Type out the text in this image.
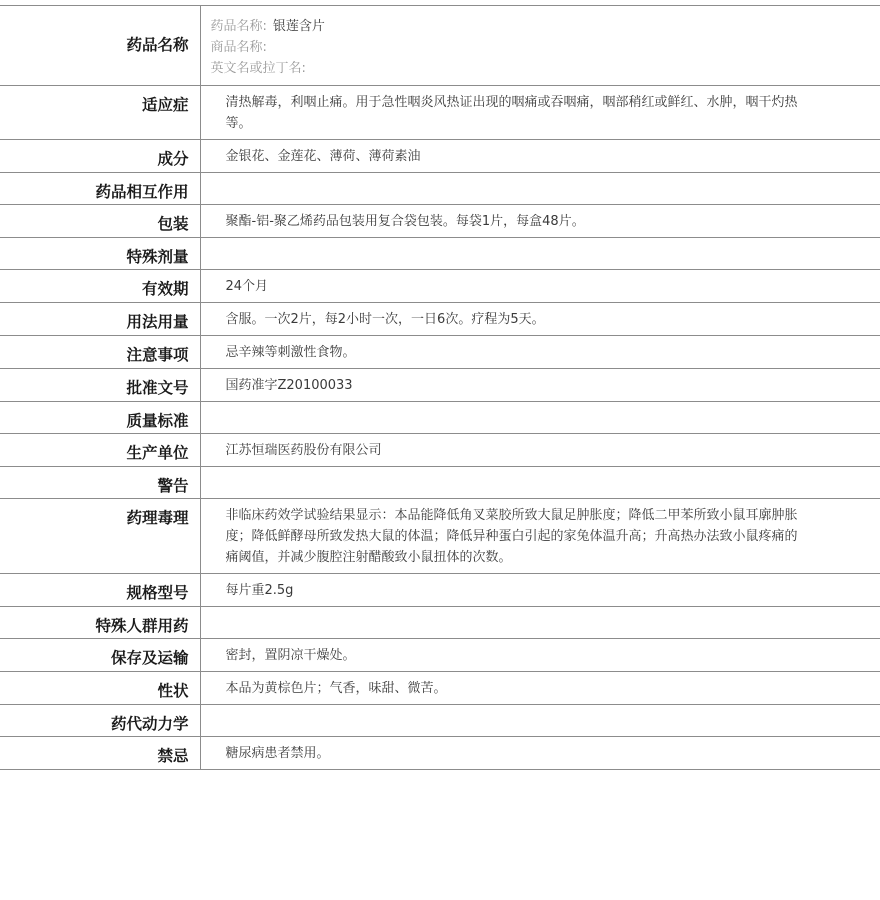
药品名称	药品名称: 银莲含片
商品名称:
英文名或拉丁名:

适应症	清热解毒，利咽止痛。用于急性咽炎风热证出现的咽痛或吞咽痛，咽部稍红或鲜红、水肿，咽干灼热等。
成分	金银花、金莲花、薄荷、薄荷素油
药品相互作用	
包装	聚酯-铝-聚乙烯药品包装用复合袋包装。每袋1片，每盒48片。
特殊剂量	
有效期	24个月
用法用量	含服。一次2片，每2小时一次，一日6次。疗程为5天。
注意事项	忌辛辣等刺激性食物。
批准文号	国药准字Z20100033
质量标准	
生产单位	江苏恒瑞医药股份有限公司
警告	
药理毒理	非临床药效学试验结果显示：本品能降低角叉菜胶所致大鼠足肿胀度；降低二甲苯所致小鼠耳廓肿胀度；降低鲜酵母所致发热大鼠的体温；降低异种蛋白引起的家兔体温升高；升高热办法致小鼠疼痛的痛阈值，并减少腹腔注射醋酸致小鼠扭体的次数。
规格型号	每片重2.5g
特殊人群用药	
保存及运输	密封，置阴凉干燥处。
性状	本品为黄棕色片；气香，味甜、微苦。
药代动力学	
禁忌	糖尿病患者禁用。
